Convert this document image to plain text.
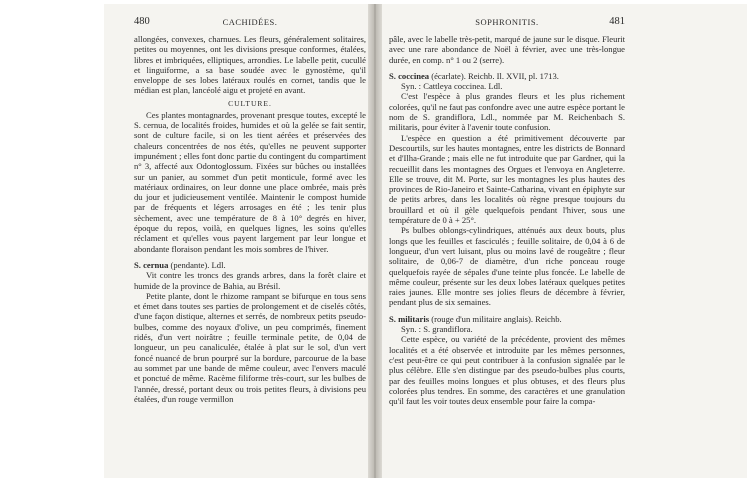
480	CACHIDÉES.

allongées, convexes, charnues. Les fleurs, généralement solitaires, petites ou moyennes, ont les divisions presque conformes, étalées, libres et imbriquées, elliptiques, arrondies. Le labelle petit, cucullé et linguiforme, a sa base soudée avec le gynostème, qu'il enveloppe de ses lobes latéraux roulés en cornet, tandis que le médian est plan, lancéolé aigu et projeté en avant.

CULTURE.

Ces plantes montagnardes, provenant presque toutes, excepté le S. cernua, de localités froides, humides et où la gelée se fait sentir, sont de culture facile, si on les tient aérées et préservées des chaleurs concentrées de nos étés, qu'elles ne peuvent supporter impunément ; elles font donc partie du contingent du compartiment n° 3, affecté aux Odontoglossum. Fixées sur bûches ou installées sur un panier, au sommet d'un petit monticule, formé avec les matériaux ordinaires, on leur donne une place ombrée, mais près du jour et judicieusement ventilée. Maintenir le compost humide par de fréquents et légers arrosages en été ; les tenir plus sèchement, avec une température de 8 à 10° degrés en hiver, époque du repos, voilà, en quelques lignes, les soins qu'elles réclament et qu'elles vous payent largement par leur longue et abondante floraison pendant les mois sombres de l'hiver.

S. cernua (pendante). Ldl.

Vit contre les troncs des grands arbres, dans la forêt claire et humide de la province de Bahia, au Brésil.

Petite plante, dont le rhizome rampant se bifurque en tous sens et émet dans toutes ses parties de prolongement et de ciselés côtés, d'une façon distique, alternes et serrés, de nombreux petits pseudo-bulbes, comme des noyaux d'olive, un peu comprimés, finement ridés, d'un vert noirâtre ; feuille terminale petite, de 0,04 de longueur, un peu canaliculée, étalée à plat sur le sol, d'un vert foncé nuancé de brun pourpré sur la bordure, parcourue de la base au sommet par une bande de même couleur, avec l'envers maculé et ponctué de même. Racème filiforme très-court, sur les bulbes de l'année, dressé, portant deux ou trois petites fleurs, à divisions peu étalées, d'un rouge vermillon

SOPHRONITIS.	481

pâle, avec le labelle très-petit, marqué de jaune sur le disque. Fleurit avec une rare abondance de Noël à février, avec une très-longue durée, en comp. n° 1 ou 2 (serre).

S. coccinea (écarlate). Reichb. Il. XVII, pl. 1713.

Syn. : Cattleya coccinea. Ldl.

C'est l'espèce à plus grandes fleurs et les plus richement colorées, qu'il ne faut pas confondre avec une autre espèce portant le nom de S. grandiflora, Ldl., nommée par M. Reichenbach S. militaris, pour éviter à l'avenir toute confusion.

L'espèce en question a été primitivement découverte par Descourtils, sur les hautes montagnes, entre les districts de Bonnard et d'Ilha-Grande ; mais elle ne fut introduite que par Gardner, qui la recueillit dans les montagnes des Orgues et l'envoya en Angleterre. Elle se trouve, dit M. Porte, sur les montagnes les plus hautes des provinces de Rio-Janeiro et Sainte-Catharina, vivant en épiphyte sur de petits arbres, dans les localités où règne presque toujours du brouillard et où il gèle quelquefois pendant l'hiver, sous une température de 0 à + 25°.

Ps bulbes oblongs-cylindriques, atténués aux deux bouts, plus longs que les feuilles et fasciculés ; feuille solitaire, de 0,04 à 6 de longueur, d'un vert luisant, plus ou moins lavé de rougeâtre ; fleur solitaire, de 0,06-7 de diamètre, d'un riche ponceau rouge quelquefois rayée de sépales d'une teinte plus foncée. Le labelle de même couleur, présente sur les deux lobes latéraux quelques petites raies jaunes. Elle montre ses jolies fleurs de décembre à février, pendant plus de six semaines.

S. militaris (rouge d'un militaire anglais). Reichb.

Syn. : S. grandiflora.

Cette espèce, ou variété de la précédente, provient des mêmes localités et a été observée et introduite par les mêmes personnes, c'est peut-être ce qui peut contribuer à la confusion signalée par le plus célèbre. Elle s'en distingue par des pseudo-bulbes plus courts, par des feuilles moins longues et plus obtuses, et des fleurs plus colorées plus tendres. En somme, des caractères et une granulation qu'il faut les voir toutes deux ensemble pour faire la compa-
